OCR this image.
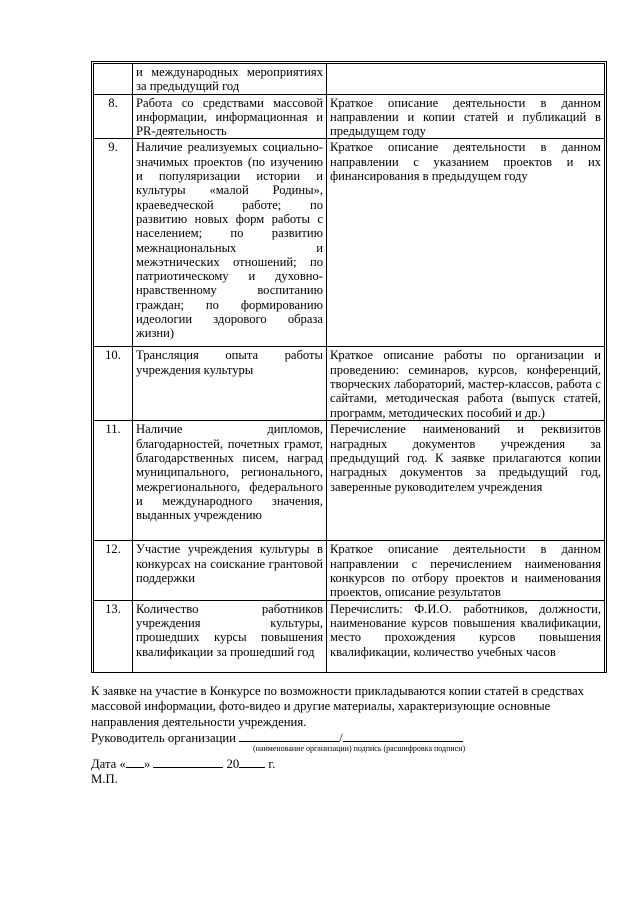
	и международных мероприятиях за предыдущий год	
8.	Работа со средствами массовой информации, информационная и PR-деятельность	Краткое описание деятельности в данном направлении и копии статей и публикаций в предыдущем году
9.	Наличие реализуемых социально-значимых проектов (по изучению и популяризации истории и культуры «малой Родины», краеведческой работе; по развитию новых форм работы с населением; по развитию межнациональных и межэтнических отношений; по патриотическому и духовно-нравственному воспитанию граждан; по формированию идеологии здорового образа жизни)	Краткое описание деятельности в данном направлении с указанием проектов и их финансирования в предыдущем году
10.	Трансляция опыта работы учреждения культуры	Краткое описание работы по организации и проведению: семинаров, курсов, конференций, творческих лабораторий, мастер-классов, работа с сайтами, методическая работа (выпуск статей, программ, методических пособий и др.)
11.	Наличие дипломов, благодарностей, почетных грамот, благодарственных писем, наград муниципального, регионального, межрегионального, федерального и международного значения, выданных учреждению	Перечисление наименований и реквизитов наградных документов учреждения за предыдущий год. К заявке прилагаются копии наградных документов за предыдущий год, заверенные руководителем учреждения
12.	Участие учреждения культуры в конкурсах на соискание грантовой поддержки	Краткое описание деятельности в данном направлении с перечислением наименования конкурсов по отбору проектов и наименования проектов, описание результатов
13.	Количество работников учреждения культуры, прошедших курсы повышения квалификации за прошедший год	Перечислить: Ф.И.О. работников, должности, наименование курсов повышения квалификации, место прохождения курсов повышения квалификации, количество учебных часов
К заявке на участие в Конкурсе по возможности прикладываются копии статей в средствах массовой информации, фото-видео и другие материалы, характеризующие основные направления деятельности учреждения.
Руководитель организации	/
(наименование организации) подпись (расшифровка подписи)
Дата « »	20 г.
М.П.
